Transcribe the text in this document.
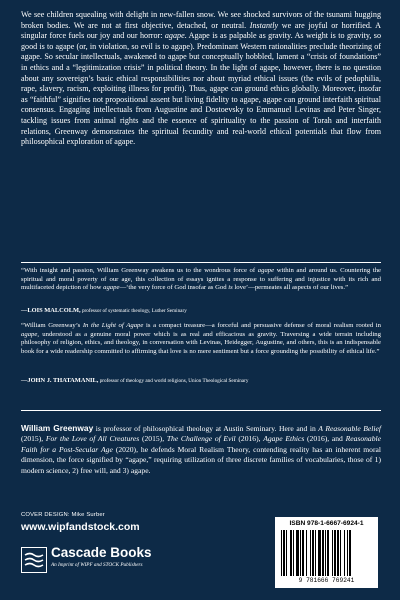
We see children squealing with delight in new-fallen snow. We see shocked survivors of the tsunami hugging broken bodies. We are not at first objective, detached, or neutral. Instantly we are joyful or horrified. A singular force fuels our joy and our horror: agape. Agape is as palpable as gravity. As weight is to gravity, so good is to agape (or, in violation, so evil is to agape). Predominant Western rationalities preclude theorizing of agape. So secular intellectuals, awakened to agape but conceptually hobbled, lament a “crisis of foundations” in ethics and a “legitimization crisis” in political theory. In the light of agape, however, there is no question about any sovereign’s basic ethical responsibilities nor about myriad ethical issues (the evils of pedophilia, rape, slavery, racism, exploiting illness for profit). Thus, agape can ground ethics globally. Moreover, insofar as “faithful” signifies not propositional assent but living fidelity to agape, agape can ground interfaith spiritual consensus. Engaging intellectuals from Augustine and Dostoevsky to Emmanuel Levinas and Peter Singer, tackling issues from animal rights and the essence of spirituality to the passion of Torah and interfaith relations, Greenway demonstrates the spiritual fecundity and real-world ethical potentials that flow from philosophical exploration of agape.

“With insight and passion, William Greenway awakens us to the wondrous force of agape within and around us. Countering the spiritual and moral poverty of our age, this collection of essays ignites a response to suffering and injustice with its rich and multifaceted depiction of how agape—‘the very force of God insofar as God is love’—permeates all aspects of our lives.”

—LOIS MALCOLM, professor of systematic theology, Luther Seminary

“William Greenway’s In the Light of Agape is a compact treasure—a forceful and persuasive defense of moral realism rooted in agape, understood as a genuine moral power which is as real and efficacious as gravity. Traversing a wide terrain including philosophy of religion, ethics, and theology, in conversation with Levinas, Heidegger, Augustine, and others, this is an indispensable book for a wide readership committed to affirming that love is no mere sentiment but a force grounding the possibility of ethical life.”

—JOHN J. THATAMANIL, professor of theology and world religions, Union Theological Seminary

William Greenway is professor of philosophical theology at Austin Seminary. Here and in A Reasonable Belief (2015), For the Love of All Creatures (2015), The Challenge of Evil (2016), Agape Ethics (2016), and Reasonable Faith for a Post-Secular Age (2020), he defends Moral Realism Theory, contending reality has an inherent moral dimension, the force signified by “agape,” requiring utilization of three discrete families of vocabularies, those of 1) modern science, 2) free will, and 3) agape.

COVER DESIGN: Mike Surber
www.wipfandstock.com
Cascade Books
An Imprint of WIPF and STOCK Publishers
ISBN 978-1-6667-6924-1
9 781666 769241
